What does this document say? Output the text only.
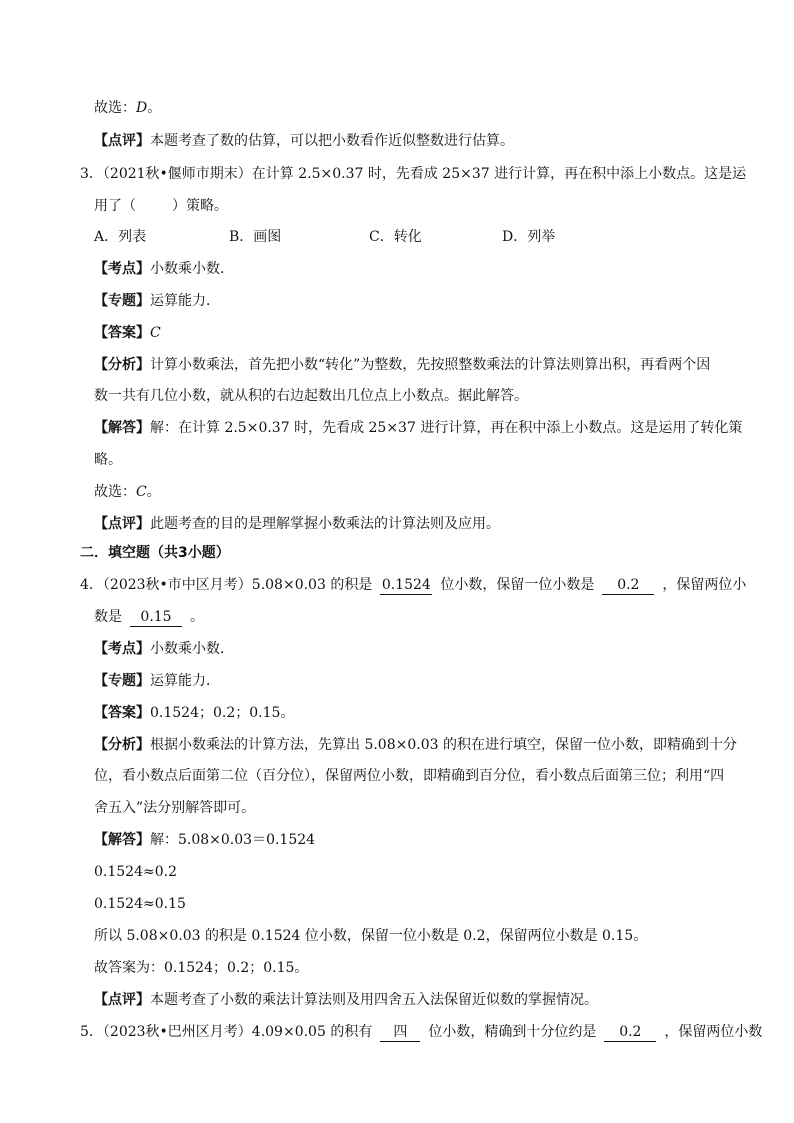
故选：D。
【点评】本题考查了数的估算，可以把小数看作近似整数进行估算。
3．（2021秋•偃师市期末）在计算 2.5×0.37 时，先看成 25×37 进行计算，再在积中添上小数点。这是运
用了（	）策略。
A．列表	B．画图	C．转化	D．列举
【考点】小数乘小数．
【专题】运算能力．
【答案】C
【分析】计算小数乘法，首先把小数“转化”为整数，先按照整数乘法的计算法则算出积，再看两个因
数一共有几位小数，就从积的右边起数出几位点上小数点。据此解答。
【解答】解：在计算 2.5×0.37 时，先看成 25×37 进行计算，再在积中添上小数点。这是运用了转化策
略。
故选：C。
【点评】此题考查的目的是理解掌握小数乘法的计算法则及应用。
二．填空题（共3小题）
4．（2023秋•市中区月考）5.08×0.03 的积是 0.1524 位小数，保留一位小数是 0.2 ，保留两位小
数是 0.15 。
【考点】小数乘小数．
【专题】运算能力．
【答案】0.1524；0.2；0.15。
【分析】根据小数乘法的计算方法，先算出 5.08×0.03 的积在进行填空，保留一位小数，即精确到十分
位，看小数点后面第二位（百分位），保留两位小数，即精确到百分位，看小数点后面第三位；利用“四
舍五入”法分别解答即可。
【解答】解：5.08×0.03＝0.1524
0.1524≈0.2
0.1524≈0.15
所以 5.08×0.03 的积是 0.1524 位小数，保留一位小数是 0.2，保留两位小数是 0.15。
故答案为：0.1524；0.2；0.15。
【点评】本题考查了小数的乘法计算法则及用四舍五入法保留近似数的掌握情况。
5．（2023秋•巴州区月考）4.09×0.05 的积有 四 位小数，精确到十分位约是 0.2 ，保留两位小数
